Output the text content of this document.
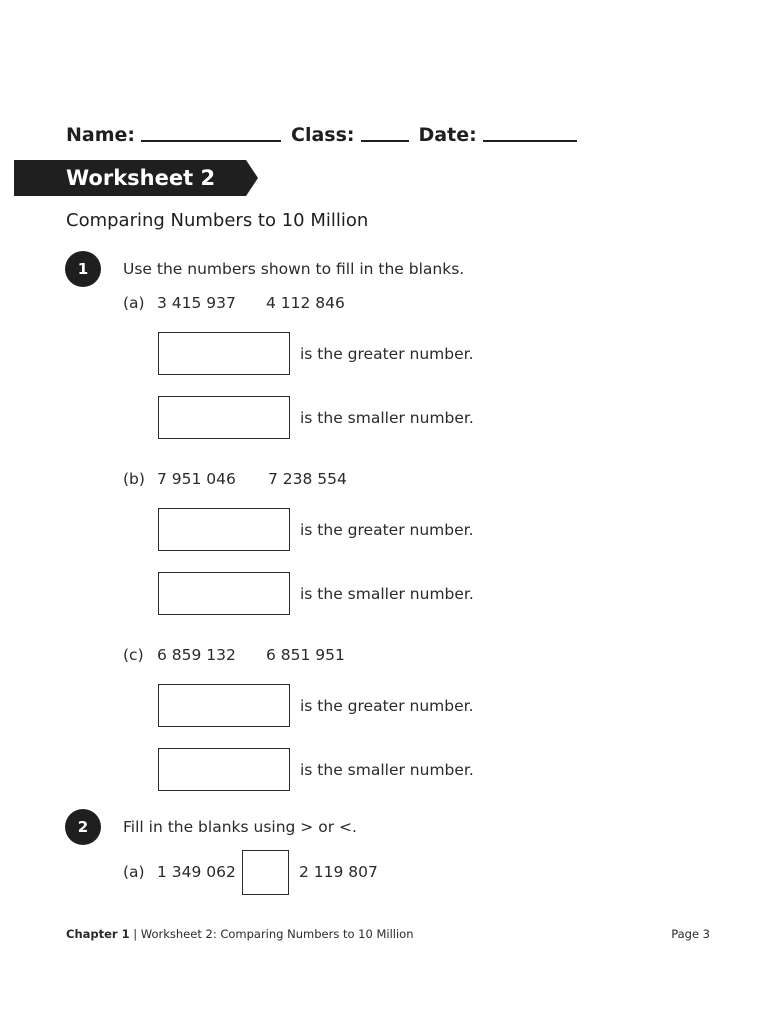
Name:	Class:	Date:
Worksheet 2
Comparing Numbers to 10 Million
1	Use the numbers shown to fill in the blanks.
(a) 3 415 937 4 112 846
is the greater number.
is the smaller number.
(b) 7 951 046 7 238 554
is the greater number.
is the smaller number.
(c) 6 859 132 6 851 951
is the greater number.
is the smaller number.
2	Fill in the blanks using > or <.
(a) 1 349 062	2 119 807
Chapter 1 | Worksheet 2: Comparing Numbers to 10 Million	Page 3
